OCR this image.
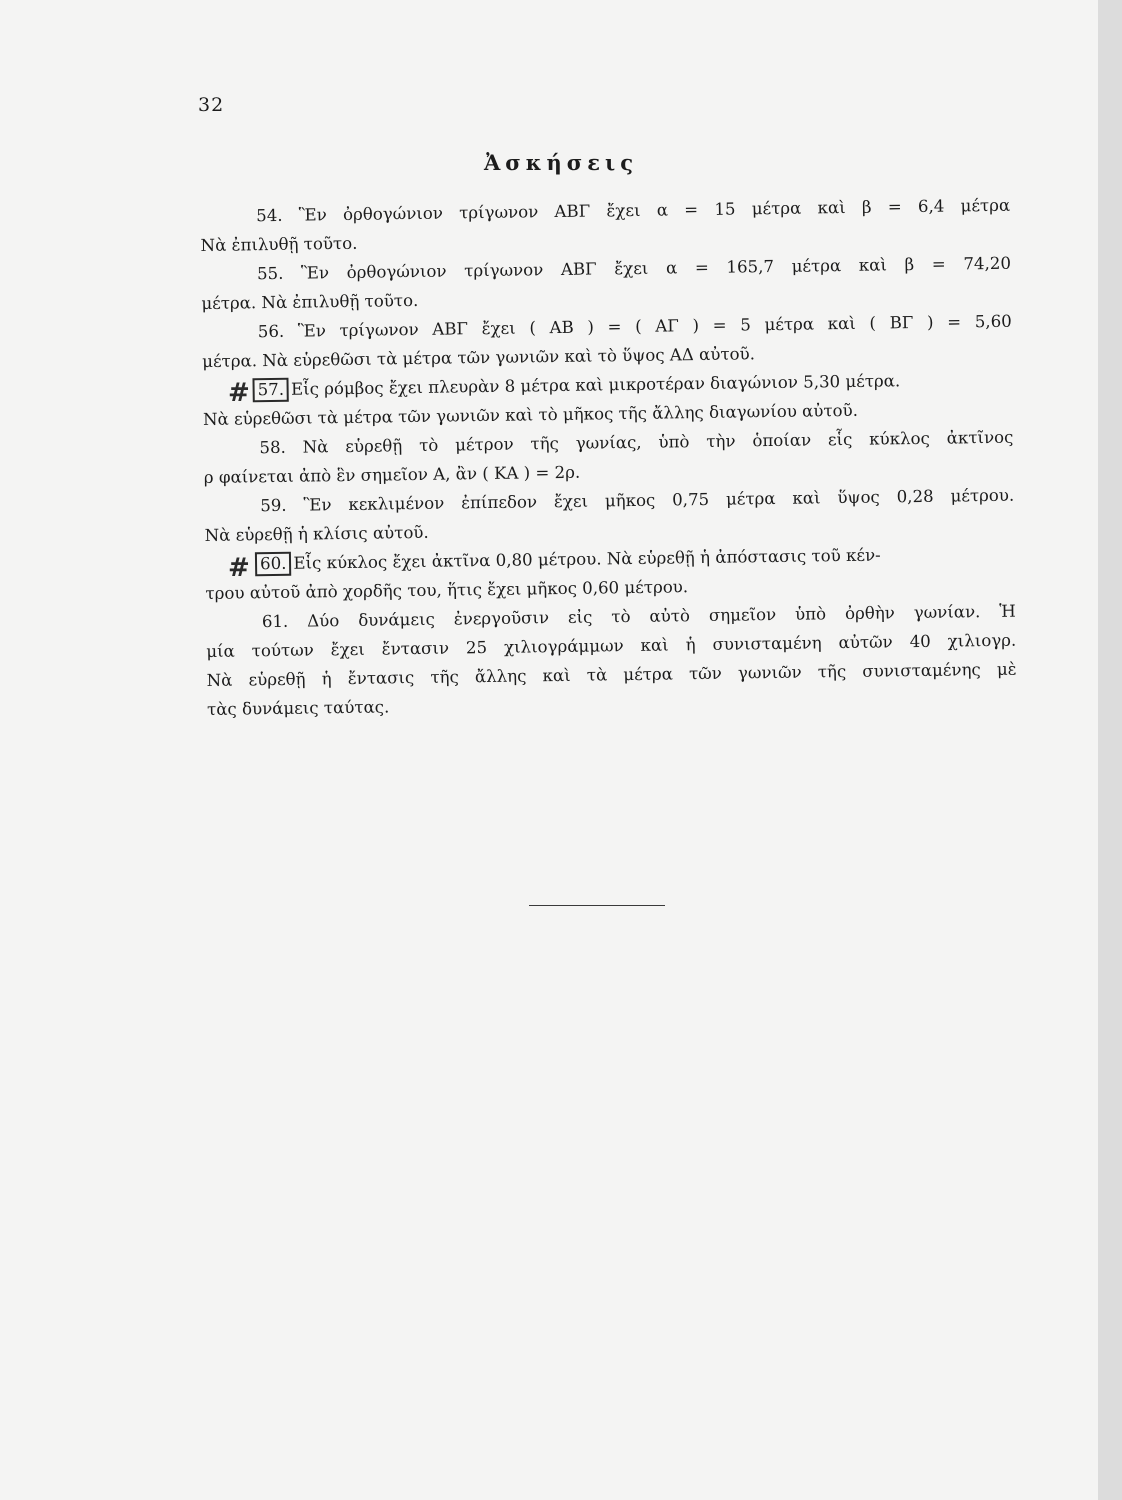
32
Ἀσκήσεις
54. Ἓν ὀρθογώνιον τρίγωνον ΑΒΓ ἔχει α = 15 μέτρα καὶ β = 6,4 μέτρα
Νὰ ἐπιλυθῇ τοῦτο.
55. Ἓν ὀρθογώνιον τρίγωνον ΑΒΓ ἔχει α = 165,7 μέτρα καὶ β = 74,20
μέτρα. Νὰ ἐπιλυθῇ τοῦτο.
56. Ἓν τρίγωνον ΑΒΓ ἔχει ( ΑΒ ) = ( ΑΓ ) = 5 μέτρα καὶ ( ΒΓ ) = 5,60
μέτρα. Νὰ εὑρεθῶσι τὰ μέτρα τῶν γωνιῶν καὶ τὸ ὕψος ΑΔ αὐτοῦ.
57. Εἷς ρόμβος ἔχει πλευρὰν 8 μέτρα καὶ μικροτέραν διαγώνιον 5,30 μέτρα.
Νὰ εὑρεθῶσι τὰ μέτρα τῶν γωνιῶν καὶ τὸ μῆκος τῆς ἄλλης διαγωνίου αὐτοῦ.
58. Νὰ εὑρεθῇ τὸ μέτρον τῆς γωνίας, ὑπὸ τὴν ὁποίαν εἷς κύκλος ἀκτῖνος
ρ φαίνεται ἀπὸ ἓν σημεῖον Α, ἂν ( ΚΑ ) = 2ρ.
59. Ἓν κεκλιμένον ἐπίπεδον ἔχει μῆκος 0,75 μέτρα καὶ ὕψος 0,28 μέτρου.
Νὰ εὑρεθῇ ἡ κλίσις αὐτοῦ.
60. Εἷς κύκλος ἔχει ἀκτῖνα 0,80 μέτρου. Νὰ εὑρεθῇ ἡ ἀπόστασις τοῦ κέν-
τρου αὐτοῦ ἀπὸ χορδῆς του, ἥτις ἔχει μῆκος 0,60 μέτρου.
61. Δύο δυνάμεις ἐνεργοῦσιν εἰς τὸ αὐτὸ σημεῖον ὑπὸ ὀρθὴν γωνίαν. Ἡ
μία τούτων ἔχει ἔντασιν 25 χιλιογράμμων καὶ ἡ συνισταμένη αὐτῶν 40 χιλιογρ.
Νὰ εὑρεθῇ ἡ ἔντασις τῆς ἄλλης καὶ τὰ μέτρα τῶν γωνιῶν τῆς συνισταμένης μὲ
τὰς δυνάμεις ταύτας.
#
#
